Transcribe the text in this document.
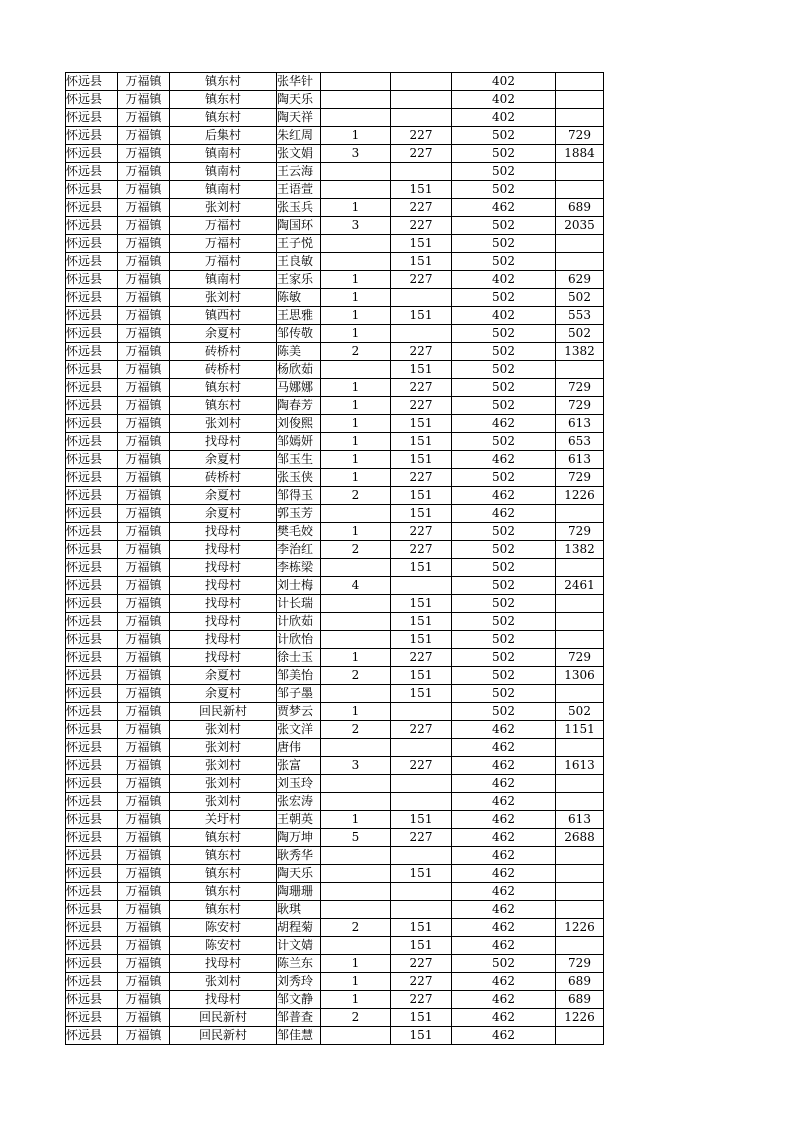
怀远县	万福镇	镇东村	张华针			402	
怀远县	万福镇	镇东村	陶天乐			402	
怀远县	万福镇	镇东村	陶天祥			402	
怀远县	万福镇	后集村	朱红周	1	227	502	729
怀远县	万福镇	镇南村	张文娟	3	227	502	1884
怀远县	万福镇	镇南村	王云海			502	
怀远县	万福镇	镇南村	王语萱		151	502	
怀远县	万福镇	张刘村	张玉兵	1	227	462	689
怀远县	万福镇	万福村	陶国环	3	227	502	2035
怀远县	万福镇	万福村	王子悦		151	502	
怀远县	万福镇	万福村	王良敏		151	502	
怀远县	万福镇	镇南村	王家乐	1	227	402	629
怀远县	万福镇	张刘村	陈敏	1		502	502
怀远县	万福镇	镇西村	王思雅	1	151	402	553
怀远县	万福镇	余夏村	邹传敬	1		502	502
怀远县	万福镇	砖桥村	陈美	2	227	502	1382
怀远县	万福镇	砖桥村	杨欣茹		151	502	
怀远县	万福镇	镇东村	马娜娜	1	227	502	729
怀远县	万福镇	镇东村	陶春芳	1	227	502	729
怀远县	万福镇	张刘村	刘俊熙	1	151	462	613
怀远县	万福镇	找母村	邹嫣妍	1	151	502	653
怀远县	万福镇	余夏村	邹玉生	1	151	462	613
怀远县	万福镇	砖桥村	张玉侠	1	227	502	729
怀远县	万福镇	余夏村	邹得玉	2	151	462	1226
怀远县	万福镇	余夏村	郭玉芳		151	462	
怀远县	万福镇	找母村	樊毛姣	1	227	502	729
怀远县	万福镇	找母村	李治红	2	227	502	1382
怀远县	万福镇	找母村	李栋梁		151	502	
怀远县	万福镇	找母村	刘士梅	4		502	2461
怀远县	万福镇	找母村	计长瑞		151	502	
怀远县	万福镇	找母村	计欣茹		151	502	
怀远县	万福镇	找母村	计欣怡		151	502	
怀远县	万福镇	找母村	徐士玉	1	227	502	729
怀远县	万福镇	余夏村	邹美怡	2	151	502	1306
怀远县	万福镇	余夏村	邹子墨		151	502	
怀远县	万福镇	回民新村	贾梦云	1		502	502
怀远县	万福镇	张刘村	张文洋	2	227	462	1151
怀远县	万福镇	张刘村	唐伟			462	
怀远县	万福镇	张刘村	张富	3	227	462	1613
怀远县	万福镇	张刘村	刘玉玲			462	
怀远县	万福镇	张刘村	张宏涛			462	
怀远县	万福镇	关圩村	王朝英	1	151	462	613
怀远县	万福镇	镇东村	陶万坤	5	227	462	2688
怀远县	万福镇	镇东村	耿秀华			462	
怀远县	万福镇	镇东村	陶天乐		151	462	
怀远县	万福镇	镇东村	陶珊珊			462	
怀远县	万福镇	镇东村	耿琪			462	
怀远县	万福镇	陈安村	胡程菊	2	151	462	1226
怀远县	万福镇	陈安村	计文婧		151	462	
怀远县	万福镇	找母村	陈兰东	1	227	502	729
怀远县	万福镇	张刘村	刘秀玲	1	227	462	689
怀远县	万福镇	找母村	邹文静	1	227	462	689
怀远县	万福镇	回民新村	邹普查	2	151	462	1226
怀远县	万福镇	回民新村	邹佳慧		151	462	
